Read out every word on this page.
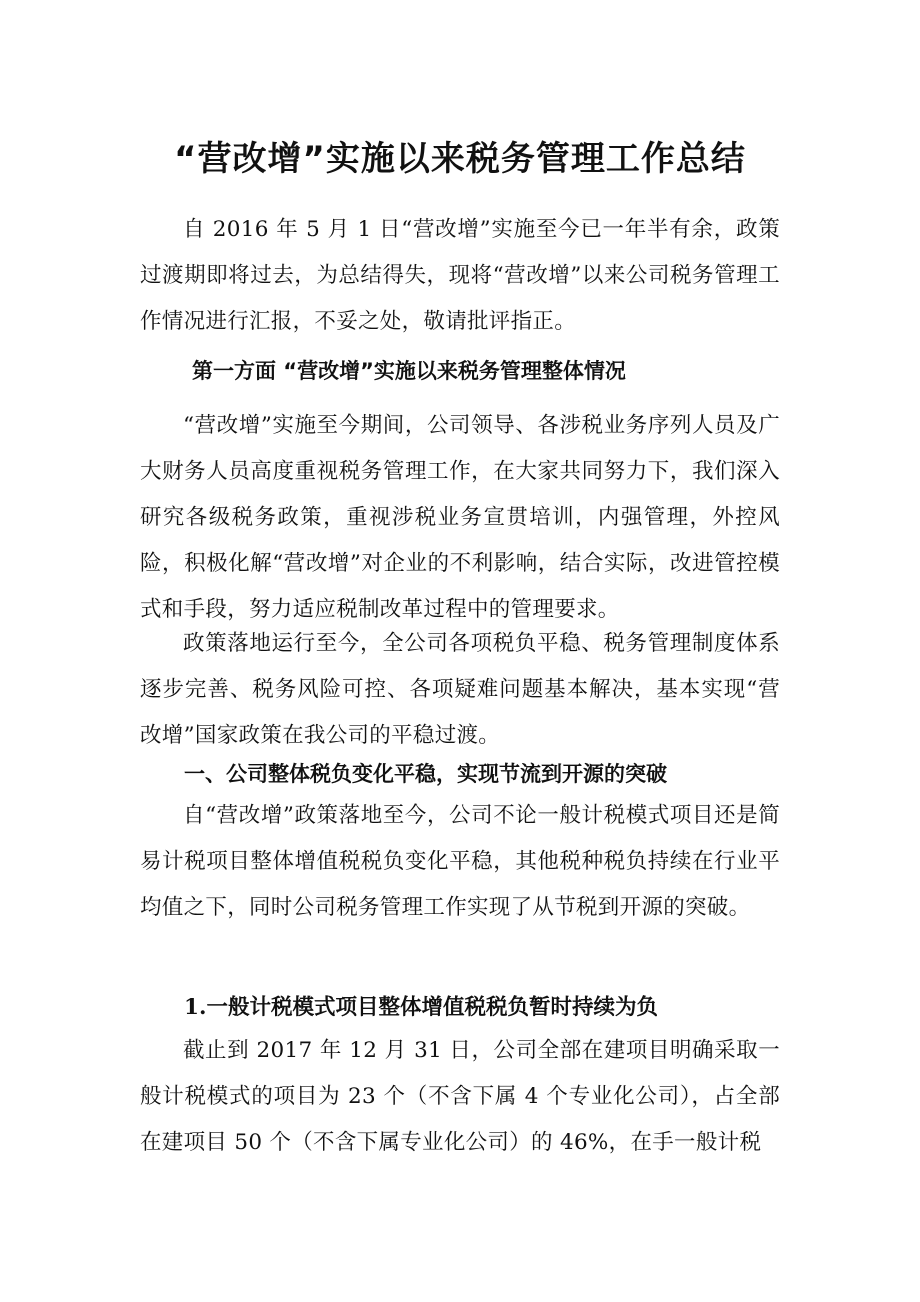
“营改增”实施以来税务管理工作总结

自 2016 年 5 月 1 日“营改增”实施至今已一年半有余，政策过渡期即将过去，为总结得失，现将“营改增”以来公司税务管理工作情况进行汇报，不妥之处，敬请批评指正。

第一方面 “营改增”实施以来税务管理整体情况

“营改增”实施至今期间，公司领导、各涉税业务序列人员及广大财务人员高度重视税务管理工作，在大家共同努力下，我们深入研究各级税务政策，重视涉税业务宣贯培训，内强管理，外控风险，积极化解“营改增”对企业的不利影响，结合实际，改进管控模式和手段，努力适应税制改革过程中的管理要求。

政策落地运行至今，全公司各项税负平稳、税务管理制度体系逐步完善、税务风险可控、各项疑难问题基本解决，基本实现“营改增”国家政策在我公司的平稳过渡。

一、公司整体税负变化平稳，实现节流到开源的突破

自“营改增”政策落地至今，公司不论一般计税模式项目还是简易计税项目整体增值税税负变化平稳，其他税种税负持续在行业平均值之下，同时公司税务管理工作实现了从节税到开源的突破。

1.一般计税模式项目整体增值税税负暂时持续为负

截止到 2017 年 12 月 31 日，公司全部在建项目明确采取一般计税模式的项目为 23 个（不含下属 4 个专业化公司），占全部在建项目 50 个（不含下属专业化公司）的 46%，在手一般计税
